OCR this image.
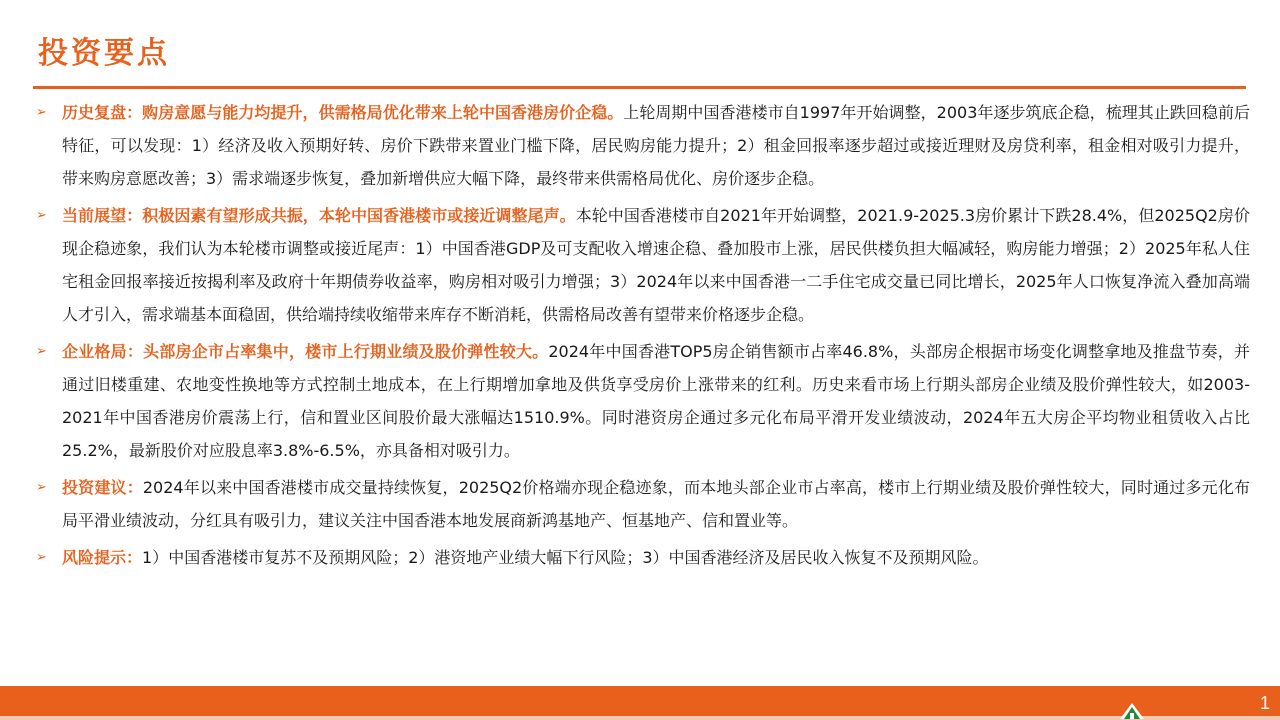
投资要点

➢ 历史复盘：购房意愿与能力均提升，供需格局优化带来上轮中国香港房价企稳。上轮周期中国香港楼市自1997年开始调整，2003年逐步筑底企稳，梳理其止跌回稳前后特征，可以发现：1）经济及收入预期好转、房价下跌带来置业门槛下降，居民购房能力提升；2）租金回报率逐步超过或接近理财及房贷利率，租金相对吸引力提升，带来购房意愿改善；3）需求端逐步恢复，叠加新增供应大幅下降，最终带来供需格局优化、房价逐步企稳。

➢ 当前展望：积极因素有望形成共振，本轮中国香港楼市或接近调整尾声。本轮中国香港楼市自2021年开始调整，2021.9-2025.3房价累计下跌28.4%，但2025Q2房价现企稳迹象，我们认为本轮楼市调整或接近尾声：1）中国香港GDP及可支配收入增速企稳、叠加股市上涨，居民供楼负担大幅减轻，购房能力增强；2）2025年私人住宅租金回报率接近按揭利率及政府十年期债券收益率，购房相对吸引力增强；3）2024年以来中国香港一二手住宅成交量已同比增长，2025年人口恢复净流入叠加高端人才引入，需求端基本面稳固，供给端持续收缩带来库存不断消耗，供需格局改善有望带来价格逐步企稳。

➢ 企业格局：头部房企市占率集中，楼市上行期业绩及股价弹性较大。2024年中国香港TOP5房企销售额市占率46.8%，头部房企根据市场变化调整拿地及推盘节奏，并通过旧楼重建、农地变性换地等方式控制土地成本，在上行期增加拿地及供货享受房价上涨带来的红利。历史来看市场上行期头部房企业绩及股价弹性较大，如2003-2021年中国香港房价震荡上行，信和置业区间股价最大涨幅达1510.9%。同时港资房企通过多元化布局平滑开发业绩波动，2024年五大房企平均物业租赁收入占比25.2%，最新股价对应股息率3.8%-6.5%，亦具备相对吸引力。

➢ 投资建议：2024年以来中国香港楼市成交量持续恢复，2025Q2价格端亦现企稳迹象，而本地头部企业市占率高，楼市上行期业绩及股价弹性较大，同时通过多元化布局平滑业绩波动，分红具有吸引力，建议关注中国香港本地发展商新鸿基地产、恒基地产、信和置业等。

➢ 风险提示：1）中国香港楼市复苏不及预期风险；2）港资地产业绩大幅下行风险；3）中国香港经济及居民收入恢复不及预期风险。

1
